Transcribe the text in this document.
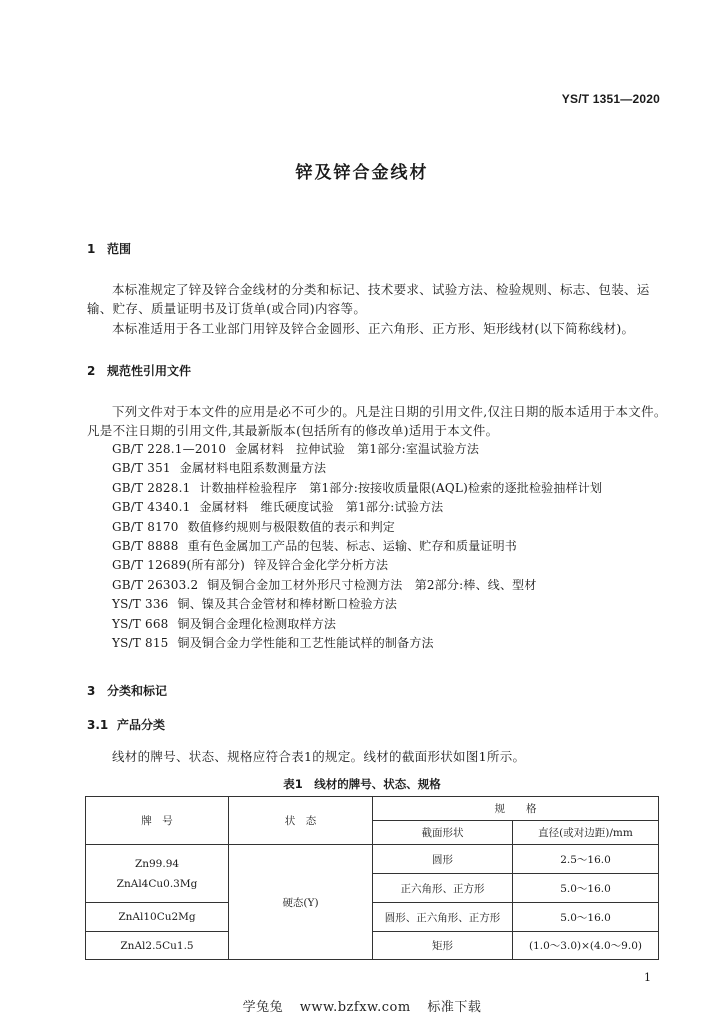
YS/T 1351—2020
锌及锌合金线材
1 范围

本标准规定了锌及锌合金线材的分类和标记、技术要求、试验方法、检验规则、标志、包装、运输、贮存、质量证明书及订货单(或合同)内容等。

本标准适用于各工业部门用锌及锌合金圆形、正六角形、正方形、矩形线材(以下简称线材)。

2 规范性引用文件

下列文件对于本文件的应用是必不可少的。凡是注日期的引用文件,仅注日期的版本适用于本文件。凡是不注日期的引用文件,其最新版本(包括所有的修改单)适用于本文件。

GB/T 228.1—2010 金属材料　拉伸试验　第1部分:室温试验方法
GB/T 351 金属材料电阻系数测量方法
GB/T 2828.1 计数抽样检验程序　第1部分:按接收质量限(AQL)检索的逐批检验抽样计划
GB/T 4340.1 金属材料　维氏硬度试验　第1部分:试验方法
GB/T 8170 数值修约规则与极限数值的表示和判定
GB/T 8888 重有色金属加工产品的包装、标志、运输、贮存和质量证明书
GB/T 12689(所有部分) 锌及锌合金化学分析方法
GB/T 26303.2 铜及铜合金加工材外形尺寸检测方法　第2部分:棒、线、型材
YS/T 336 铜、镍及其合金管材和棒材断口检验方法
YS/T 668 铜及铜合金理化检测取样方法
YS/T 815 铜及铜合金力学性能和工艺性能试样的制备方法
3 分类和标记
3.1 产品分类

线材的牌号、状态、规格应符合表1的规定。线材的截面形状如图1所示。

表1　线材的牌号、状态、规格
牌　号	状　态	规　　格	
		截面形状	直径(或对边距)/mm

Zn99.94
ZnAl4Cu0.3Mg	硬态(Y)	圆形	2.5～16.0
		正六角形、正方形	5.0～16.0
ZnAl10Cu2Mg		圆形、正六角形、正方形	5.0～16.0
ZnAl2.5Cu1.5		矩形	(1.0～3.0)×(4.0～9.0)
1
学兔兔 www.bzfxw.com 标准下载
